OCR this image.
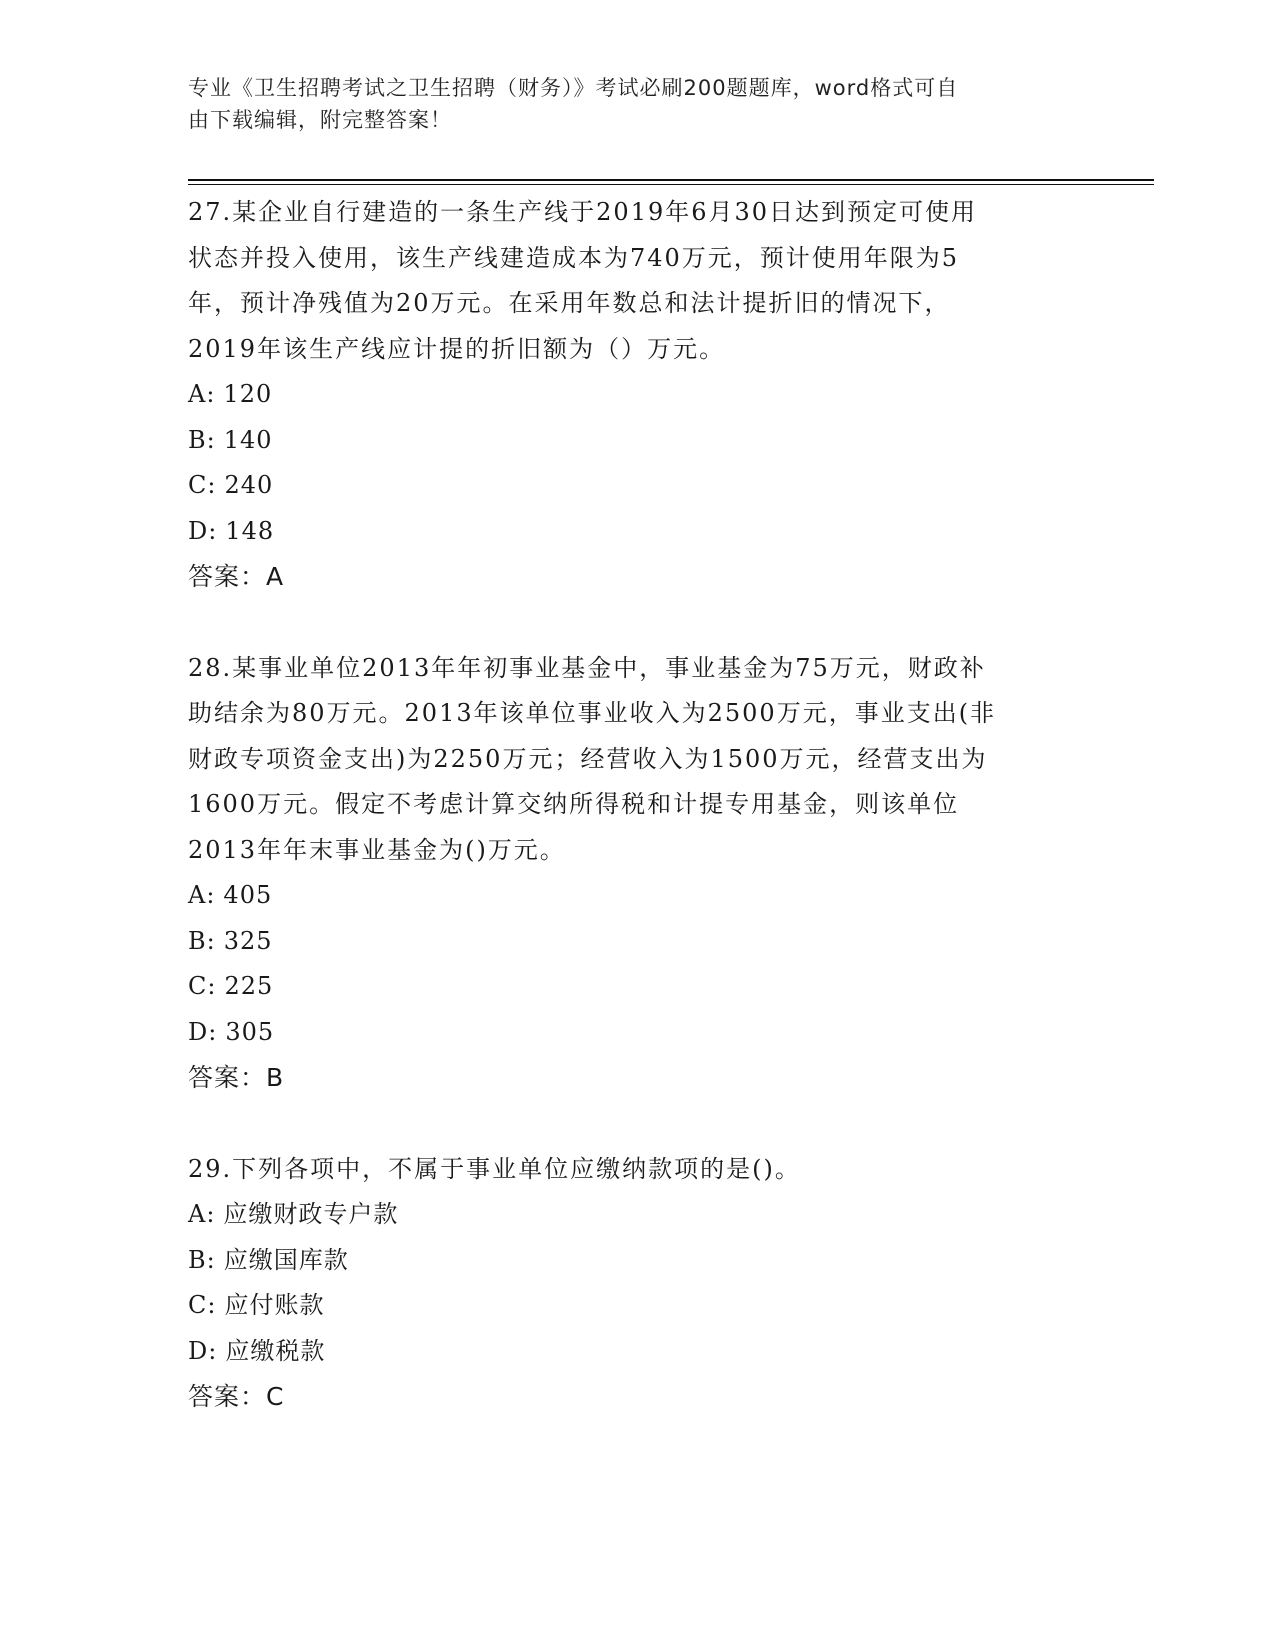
专业《卫生招聘考试之卫生招聘（财务）》考试必刷200题题库，word格式可自
由下载编辑，附完整答案！
27.某企业自行建造的一条生产线于2019年6月30日达到预定可使用
状态并投入使用，该生产线建造成本为740万元，预计使用年限为5
年，预计净残值为20万元。在采用年数总和法计提折旧的情况下，
2019年该生产线应计提的折旧额为（）万元。
A: 120
B: 140
C: 240
D: 148
答案：A
28.某事业单位2013年年初事业基金中，事业基金为75万元，财政补
助结余为80万元。2013年该单位事业收入为2500万元，事业支出(非
财政专项资金支出)为2250万元；经营收入为1500万元，经营支出为
1600万元。假定不考虑计算交纳所得税和计提专用基金，则该单位
2013年年末事业基金为()万元。
A: 405
B: 325
C: 225
D: 305
答案：B
29.下列各项中，不属于事业单位应缴纳款项的是()。
A: 应缴财政专户款
B: 应缴国库款
C: 应付账款
D: 应缴税款
答案：C
